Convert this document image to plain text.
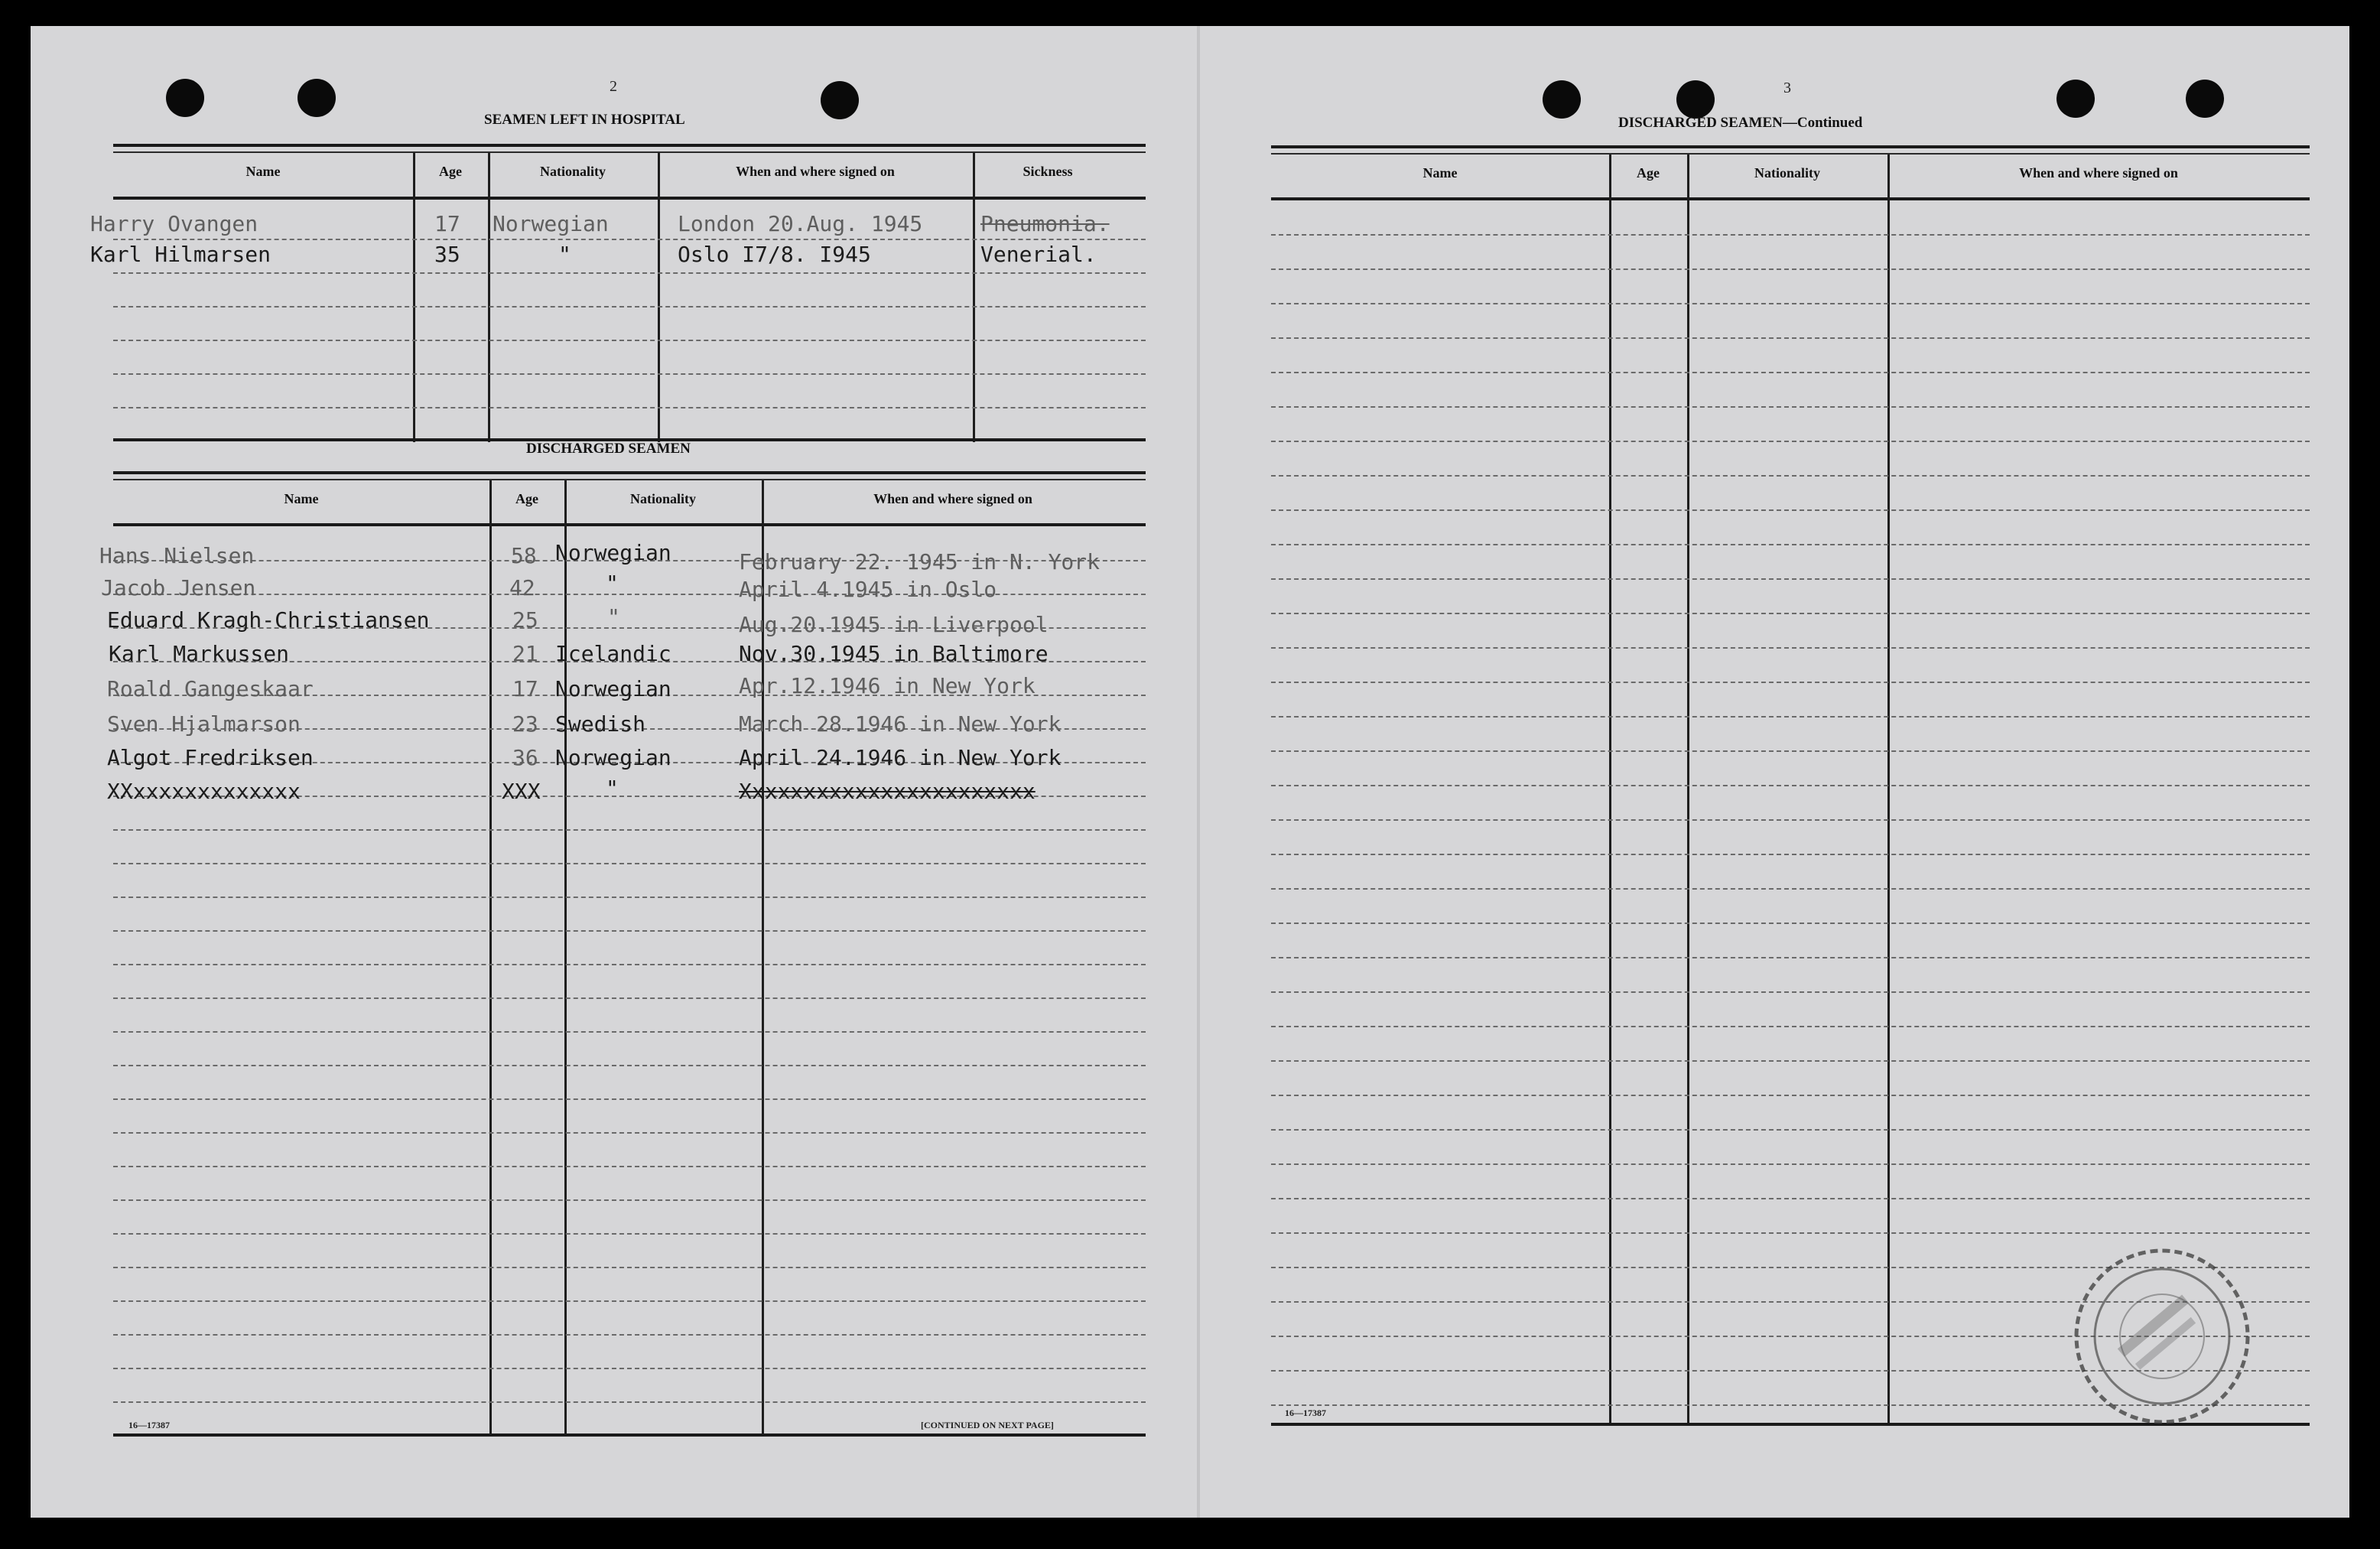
2
SEAMEN LEFT IN HOSPITAL
Name	Age	Nationality	When and where signed on	Sickness
Harry Ovangen	17 Norwegian	London 20.Aug. 1945	Pneumonia.
Karl Hilmarsen	35	"	Oslo I7/8. I945	Venerial.
DISCHARGED SEAMEN
Name	Age	Nationality	When and where signed on
Hans Nielsen	58 Norwegian	February 22. 1945 in N. York
Jacob Jensen	42	"	April 4.1945 in Oslo
Eduard Kragh-Christiansen	25	"	Aug.20.1945 in Liverpool
Karl Markussen	21 Icelandic	Nov.30.1945 in Baltimore
Roald Gangeskaar	17 Norwegian	Apr.12.1946 in New York
Sven Hjalmarson	23 Swedish	March 28.1946 in New York
Algot Fredriksen	36 Norwegian	April 24.1946 in New York
XXxxxxxxxxxxxxx	XXX	"	Xxxxxxxxxxxxxxxxxxxxxxx
16—17387	[CONTINUED ON NEXT PAGE]
3
DISCHARGED SEAMEN—Continued
Name	Age	Nationality	When and where signed on
16—17387
